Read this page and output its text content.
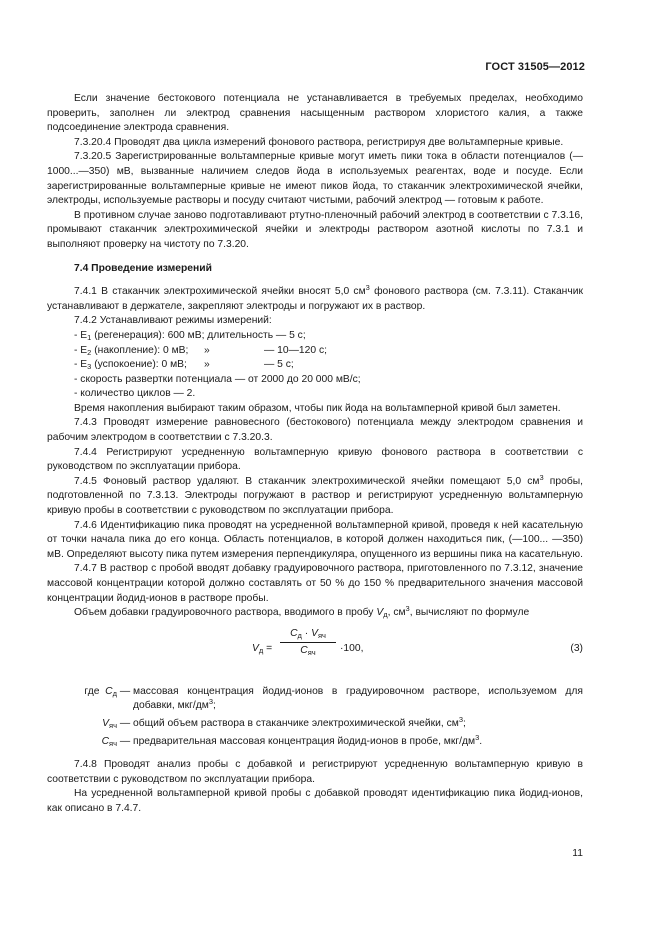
ГОСТ 31505—2012

Если значение бестокового потенциала не устанавливается в требуемых пределах, необходимо проверить, заполнен ли электрод сравнения насыщенным раствором хлористого калия, а также подсоединение электрода сравнения.

7.3.20.4 Проводят два цикла измерений фонового раствора, регистрируя две вольтамперные кривые.

7.3.20.5 Зарегистрированные вольтамперные кривые могут иметь пики тока в области потенциалов (—1000...—350) мВ, вызванные наличием следов йода в используемых реагентах, воде и посуде. Если зарегистрированные вольтамперные кривые не имеют пиков йода, то стаканчик электрохимической ячейки, электроды, используемые растворы и посуду считают чистыми, рабочий электрод — готовым к работе.

В противном случае заново подготавливают ртутно-пленочный рабочий электрод в соответствии с 7.3.16, промывают стаканчик электрохимической ячейки и электроды раствором азотной кислоты по 7.3.1 и выполняют проверку на чистоту по 7.3.20.

7.4 Проведение измерений

7.4.1 В стаканчик электрохимической ячейки вносят 5,0 $см^3$ фонового раствора (см. 7.3.11). Стаканчик устанавливают в держателе, закрепляют электроды и погружают их в раствор.

7.4.2 Устанавливают режимы измерений:

- $E_1$ (регенерация): 600 мВ; длительность — 5 с;

- $E_2$ (накопление): 0 мВ; »	— 10—120 с;

- $E_3$ (успокоение): 0 мВ; »	— 5 с;

- скорость развертки потенциала — от 2000 до 20 000 мВ/с;

- количество циклов — 2.

Время накопления выбирают таким образом, чтобы пик йода на вольтамперной кривой был заметен.

7.4.3 Проводят измерение равновесного (бестокового) потенциала между электродом сравнения и рабочим электродом в соответствии с 7.3.20.3.

7.4.4 Регистрируют усредненную вольтамперную кривую фонового раствора в соответствии с руководством по эксплуатации прибора.

7.4.5 Фоновый раствор удаляют. В стаканчик электрохимической ячейки помещают 5,0 $см^3$ пробы, подготовленной по 7.3.13. Электроды погружают в раствор и регистрируют усредненную вольтамперную кривую пробы в соответствии с руководством по эксплуатации прибора.

7.4.6 Идентификацию пика проводят на усредненной вольтамперной кривой, проведя к ней касательную от точки начала пика до его конца. Область потенциалов, в которой должен находиться пик, (—100... —350) мВ. Определяют высоту пика путем измерения перпендикуляра, опущенного из вершины пика на касательную.

7.4.7 В раствор с пробой вводят добавку градуировочного раствора, приготовленного по 7.3.12, значение массовой концентрации которой должно составлять от 50 % до 150 % предварительного значения массовой концентрации йодид-ионов в растворе пробы.

Объем добавки градуировочного раствора, вводимого в пробу $V_д$, $см^3$, вычисляют по формуле

$V_д$ =
$С_д \cdot V_{яч}$
$С_{яч}$	·100,	(3)
где $С_д$ — массовая концентрация йодид-ионов в градуировочном растворе, используемом для добавки, мкг/$дм^3$;
$V_{яч}$ — общий объем раствора в стаканчике электрохимической ячейки, $см^3$;
$С_{яч}$ — предварительная массовая концентрация йодид-ионов в пробе, мкг/$дм^3$.

7.4.8 Проводят анализ пробы с добавкой и регистрируют усредненную вольтамперную кривую в соответствии с руководством по эксплуатации прибора.

На усредненной вольтамперной кривой пробы с добавкой проводят идентификацию пика йодид-ионов, как описано в 7.4.7.

11
